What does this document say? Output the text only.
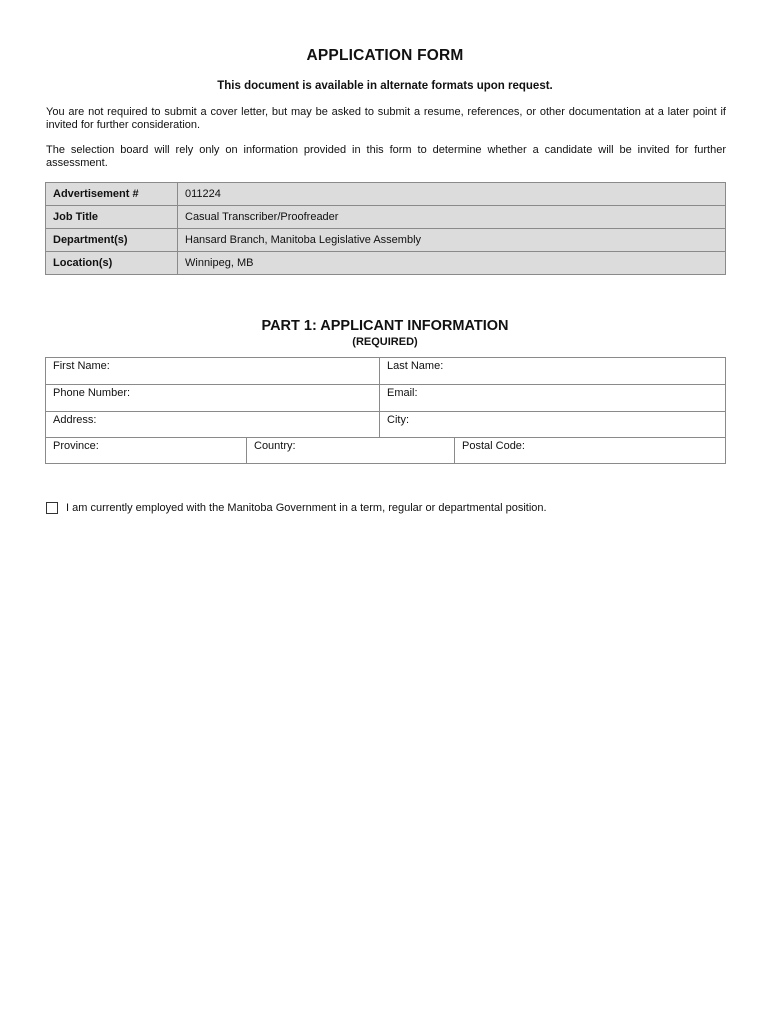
APPLICATION FORM
This document is available in alternate formats upon request.
You are not required to submit a cover letter, but may be asked to submit a resume, references, or other documentation at a later point if invited for further consideration.
The selection board will rely only on information provided in this form to determine whether a candidate will be invited for further assessment.
Advertisement #	011224
Job Title	Casual Transcriber/Proofreader
Department(s)	Hansard Branch, Manitoba Legislative Assembly
Location(s)	Winnipeg, MB
PART 1: APPLICANT INFORMATION
(REQUIRED)
First Name:	Last Name:
Phone Number:	Email:
Address:	City:
Province:	Country:	Postal Code:
I am currently employed with the Manitoba Government in a term, regular or departmental position.
